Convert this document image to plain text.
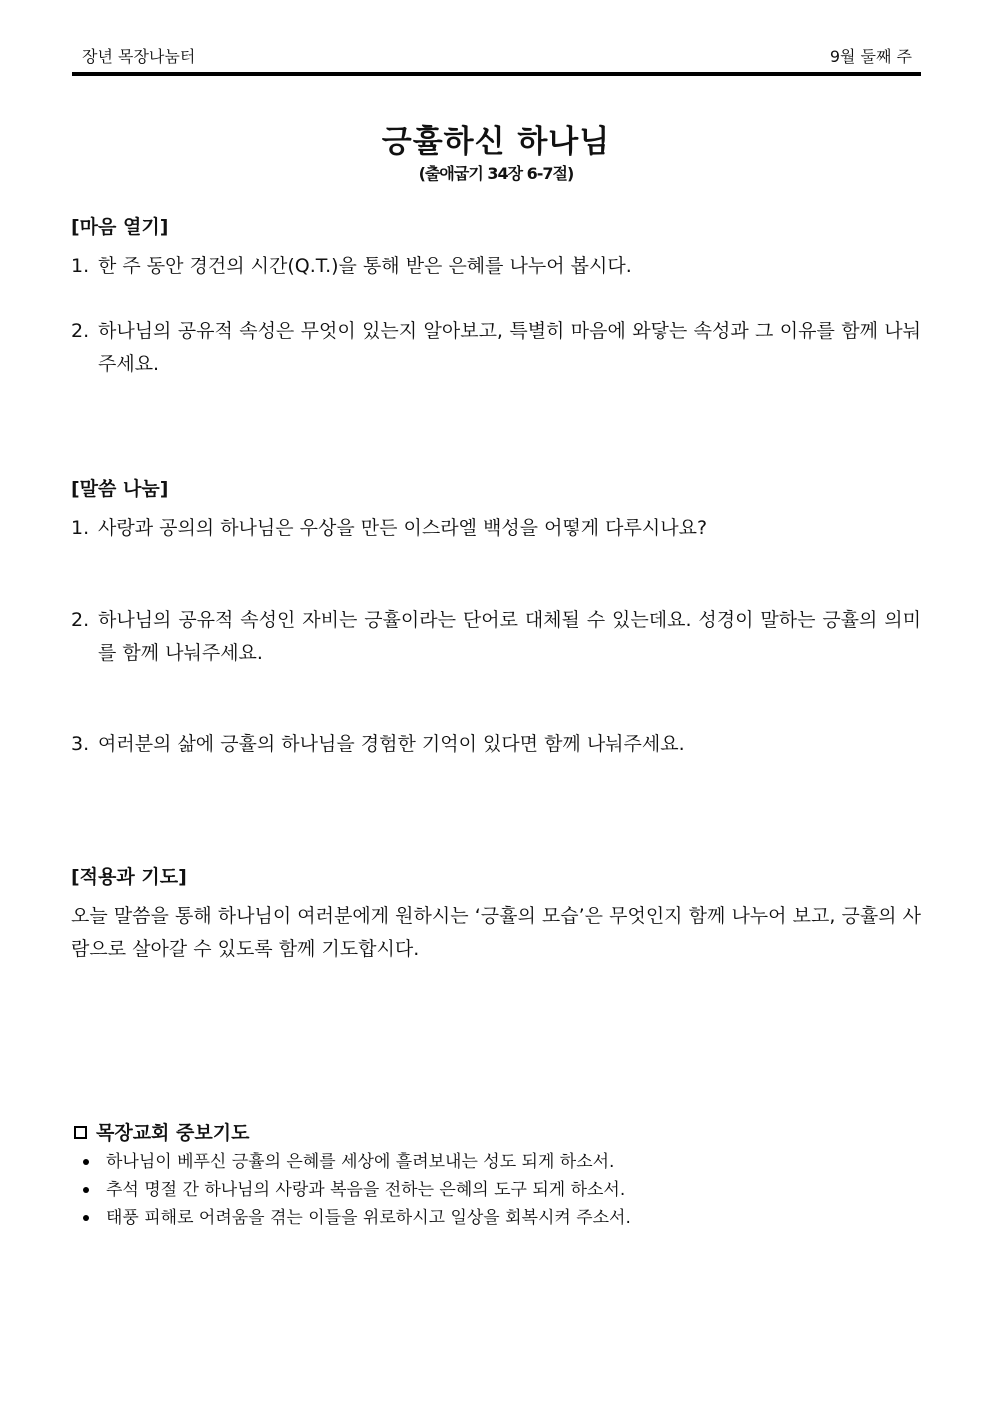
장년 목장나눔터	9월 둘째 주
긍휼하신 하나님
(출애굽기 34장 6-7절)
[마음 열기]
1. 한 주 동안 경건의 시간(Q.T.)을 통해 받은 은혜를 나누어 봅시다.
2. 하나님의 공유적 속성은 무엇이 있는지 알아보고, 특별히 마음에 와닿는 속성과 그 이유를 함께 나눠주세요.
[말씀 나눔]
1. 사랑과 공의의 하나님은 우상을 만든 이스라엘 백성을 어떻게 다루시나요?
2. 하나님의 공유적 속성인 자비는 긍휼이라는 단어로 대체될 수 있는데요. 성경이 말하는 긍휼의 의미를 함께 나눠주세요.
3. 여러분의 삶에 긍휼의 하나님을 경험한 기억이 있다면 함께 나눠주세요.
[적용과 기도]
오늘 말씀을 통해 하나님이 여러분에게 원하시는 ‘긍휼의 모습’은 무엇인지 함께 나누어 보고, 긍휼의 사람으로 살아갈 수 있도록 함께 기도합시다.
목장교회 중보기도
하나님이 베푸신 긍휼의 은혜를 세상에 흘려보내는 성도 되게 하소서.
추석 명절 간 하나님의 사랑과 복음을 전하는 은혜의 도구 되게 하소서.
태풍 피해로 어려움을 겪는 이들을 위로하시고 일상을 회복시켜 주소서.
